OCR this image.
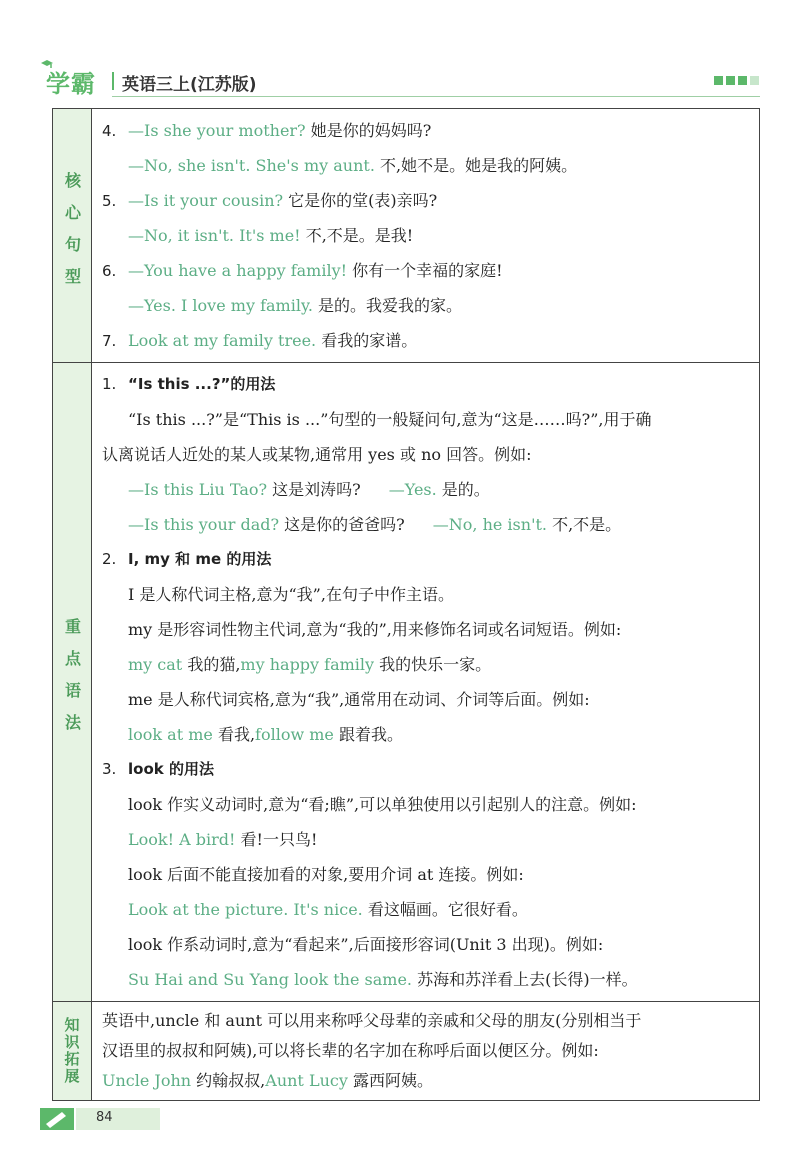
学霸 英语三上(江苏版)
核心句型
4. —Is she your mother? 她是你的妈妈吗?
—No, she isn't. She's my aunt. 不,她不是。她是我的阿姨。
5. —Is it your cousin? 它是你的堂(表)亲吗?
—No, it isn't. It's me! 不,不是。是我!
6. —You have a happy family! 你有一个幸福的家庭!
—Yes. I love my family. 是的。我爱我的家。
7. Look at my family tree. 看我的家谱。
重点语法
1. “Is this ...?”的用法
“Is this ...?”是“This is ...”句型的一般疑问句,意为“这是……吗?”,用于确
认离说话人近处的某人或某物,通常用 yes 或 no 回答。例如:
—Is this Liu Tao? 这是刘涛吗? —Yes. 是的。
—Is this your dad? 这是你的爸爸吗? —No, he isn't. 不,不是。
2. I, my 和 me 的用法
I 是人称代词主格,意为“我”,在句子中作主语。
my 是形容词性物主代词,意为“我的”,用来修饰名词或名词短语。例如:
my cat 我的猫,my happy family 我的快乐一家。
me 是人称代词宾格,意为“我”,通常用在动词、介词等后面。例如:
look at me 看我,follow me 跟着我。
3. look 的用法
look 作实义动词时,意为“看;瞧”,可以单独使用以引起别人的注意。例如:
Look! A bird! 看!一只鸟!
look 后面不能直接加看的对象,要用介词 at 连接。例如:
Look at the picture. It's nice. 看这幅画。它很好看。
look 作系动词时,意为“看起来”,后面接形容词(Unit 3 出现)。例如:
Su Hai and Su Yang look the same. 苏海和苏洋看上去(长得)一样。
知识拓展 英语中,uncle 和 aunt 可以用来称呼父母辈的亲戚和父母的朋友(分别相当于
汉语里的叔叔和阿姨),可以将长辈的名字加在称呼后面以便区分。例如:
Uncle John 约翰叔叔,Aunt Lucy 露西阿姨。
84
